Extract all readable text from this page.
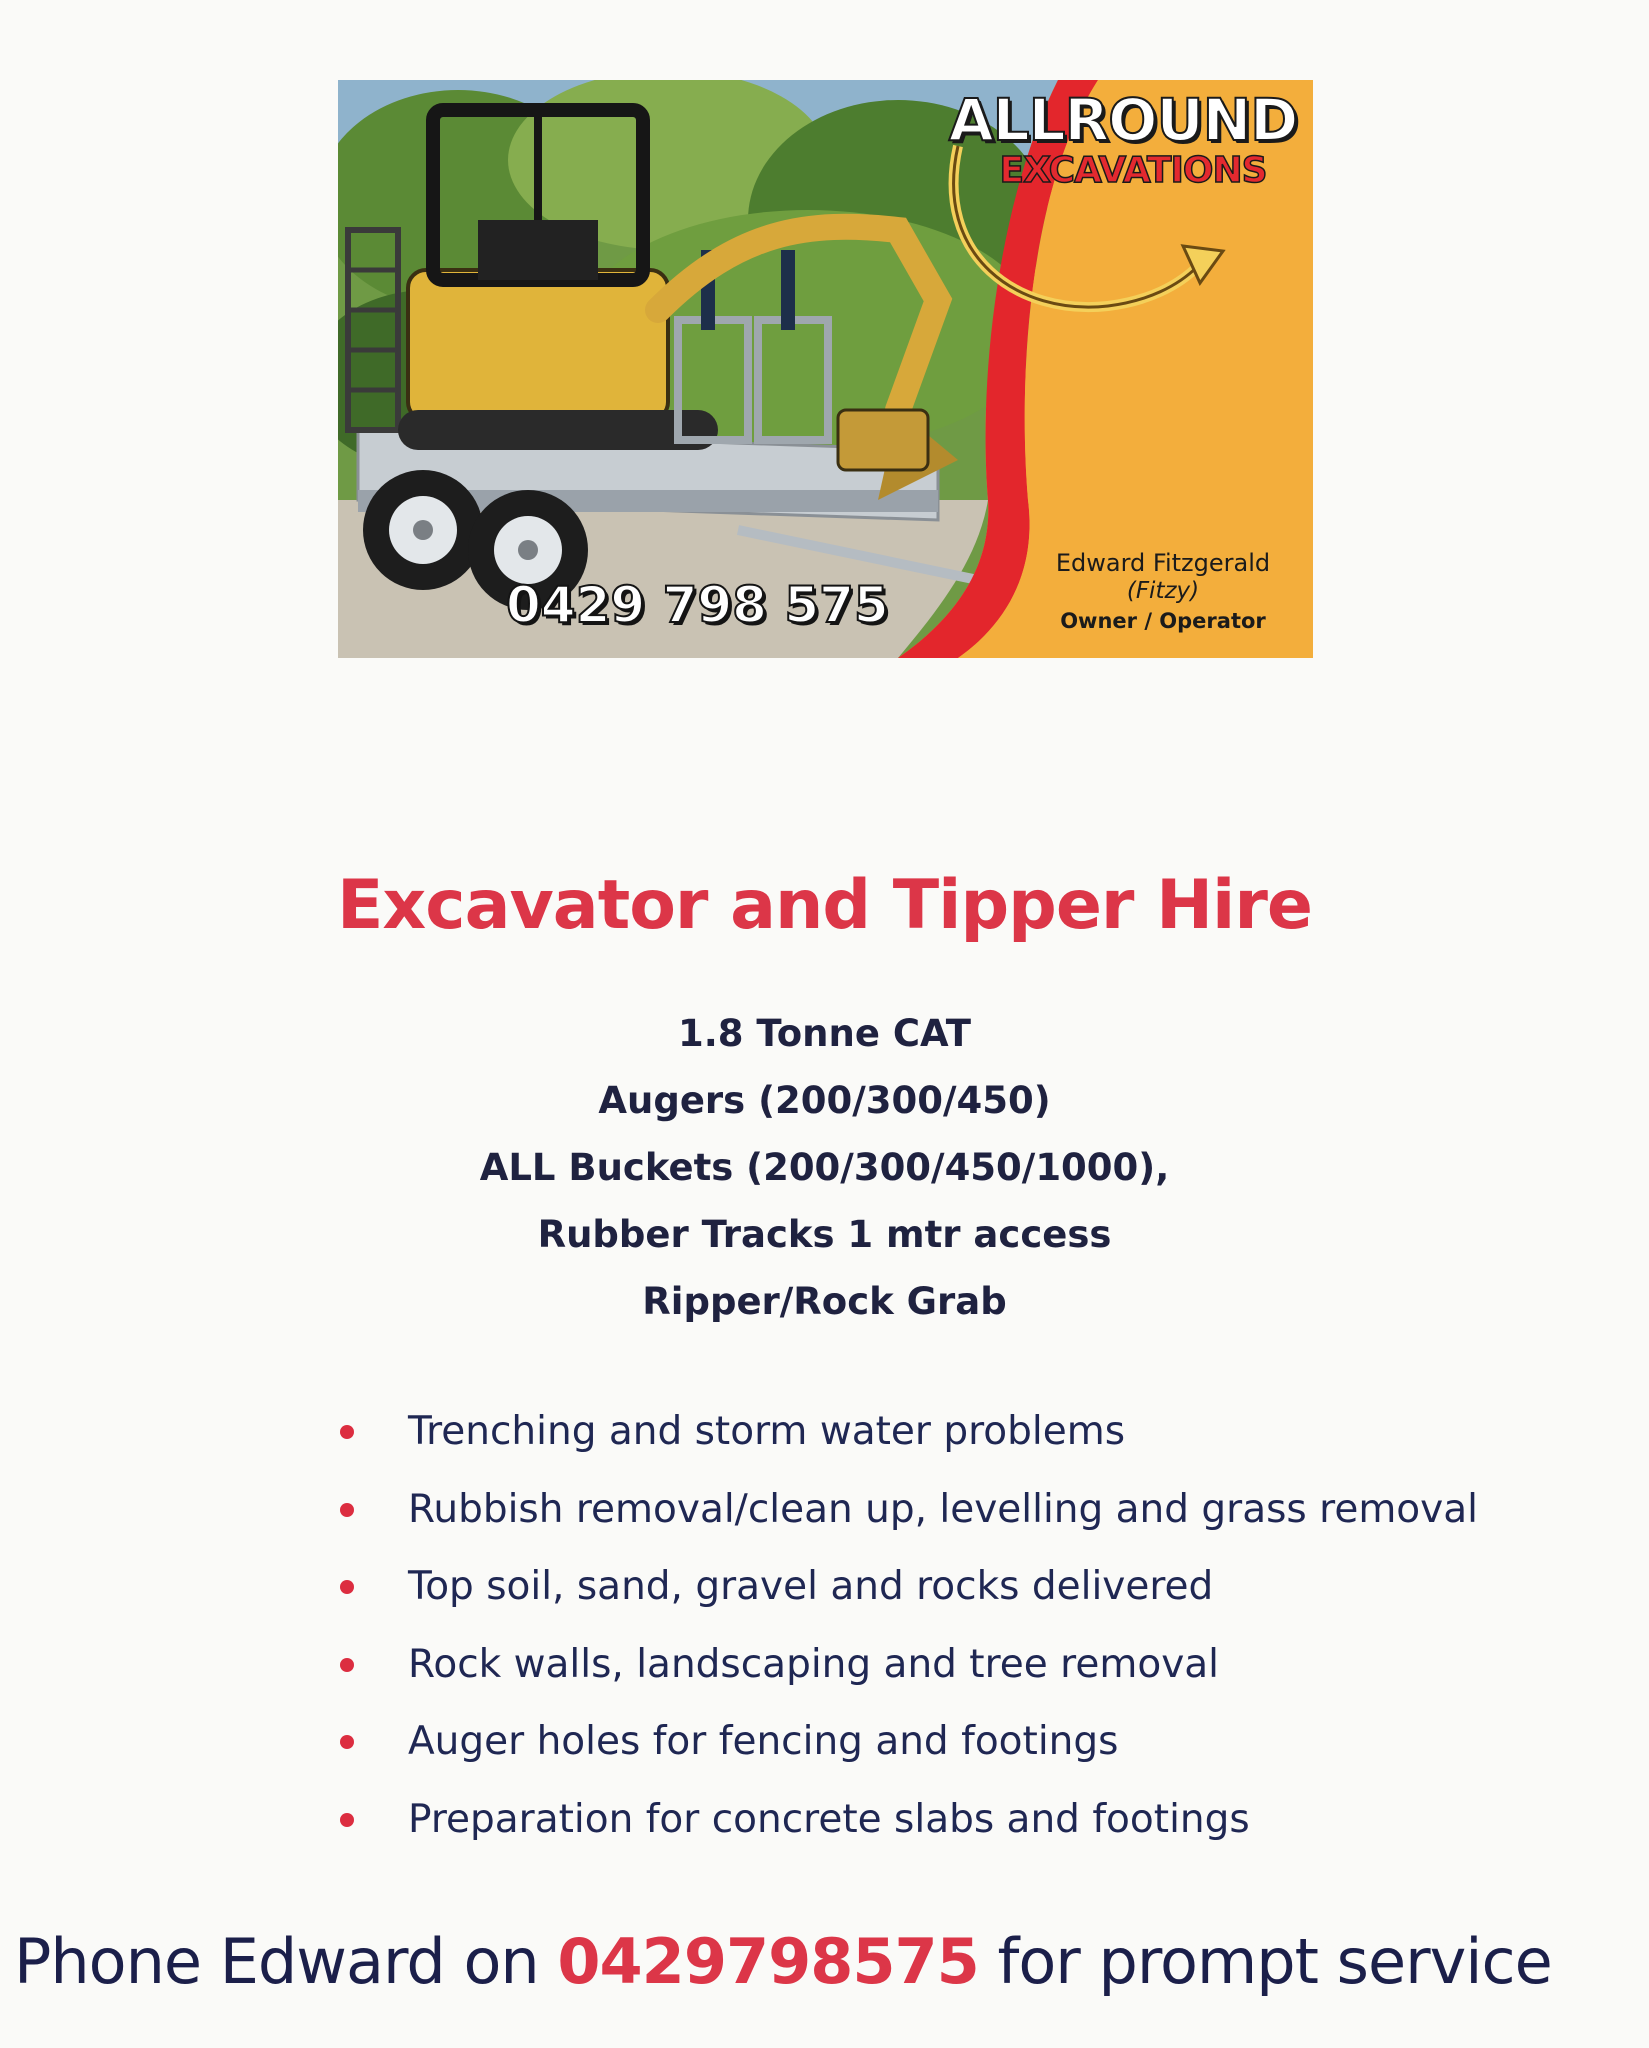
ALLROUND
EXCAVATIONS
0429 798 575
Edward Fitzgerald
(Fitzy)
Owner / Operator
Excavator and Tipper Hire
1.8 Tonne CAT
Augers (200/300/450)
ALL Buckets (200/300/450/1000),
Rubber Tracks 1 mtr access
Ripper/Rock Grab
Trenching and storm water problems
Rubbish removal/clean up, levelling and grass removal
Top soil, sand, gravel and rocks delivered
Rock walls, landscaping and tree removal
Auger holes for fencing and footings
Preparation for concrete slabs and footings
Phone Edward on 0429798575 for prompt service
